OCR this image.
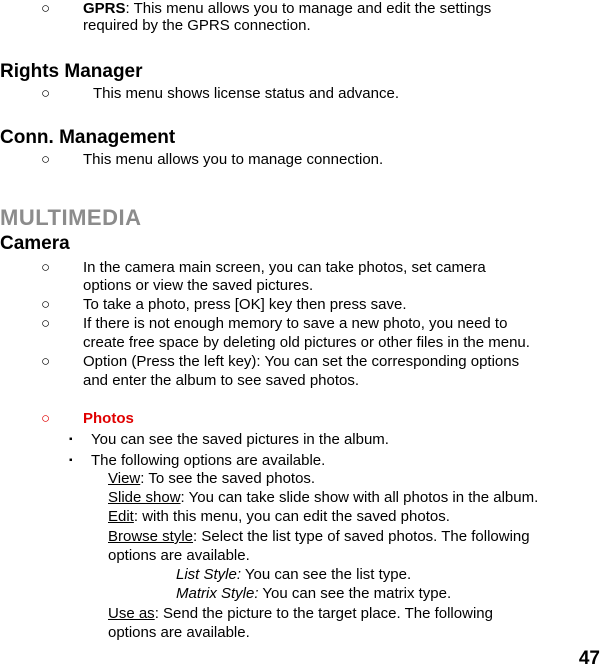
○ GPRS: This menu allows you to manage and edit the settings
required by the GPRS connection.
Rights Manager
○	This menu shows license status and advance.
Conn. Management
○ This menu allows you to manage connection.
MULTIMEDIA
Camera
○ In the camera main screen, you can take photos, set camera
options or view the saved pictures.
○ To take a photo, press [OK] key then press save.
○ If there is not enough memory to save a new photo, you need to
create free space by deleting old pictures or other files in the menu.
○ Option (Press the left key): You can set the corresponding options
and enter the album to see saved photos.
○ Photos
▪ You can see the saved pictures in the album.
▪ The following options are available.
View: To see the saved photos.
Slide show: You can take slide show with all photos in the album.
Edit: with this menu, you can edit the saved photos.
Browse style: Select the list type of saved photos. The following
options are available.
List Style: You can see the list type.
Matrix Style: You can see the matrix type.
Use as: Send the picture to the target place. The following
options are available.
47
